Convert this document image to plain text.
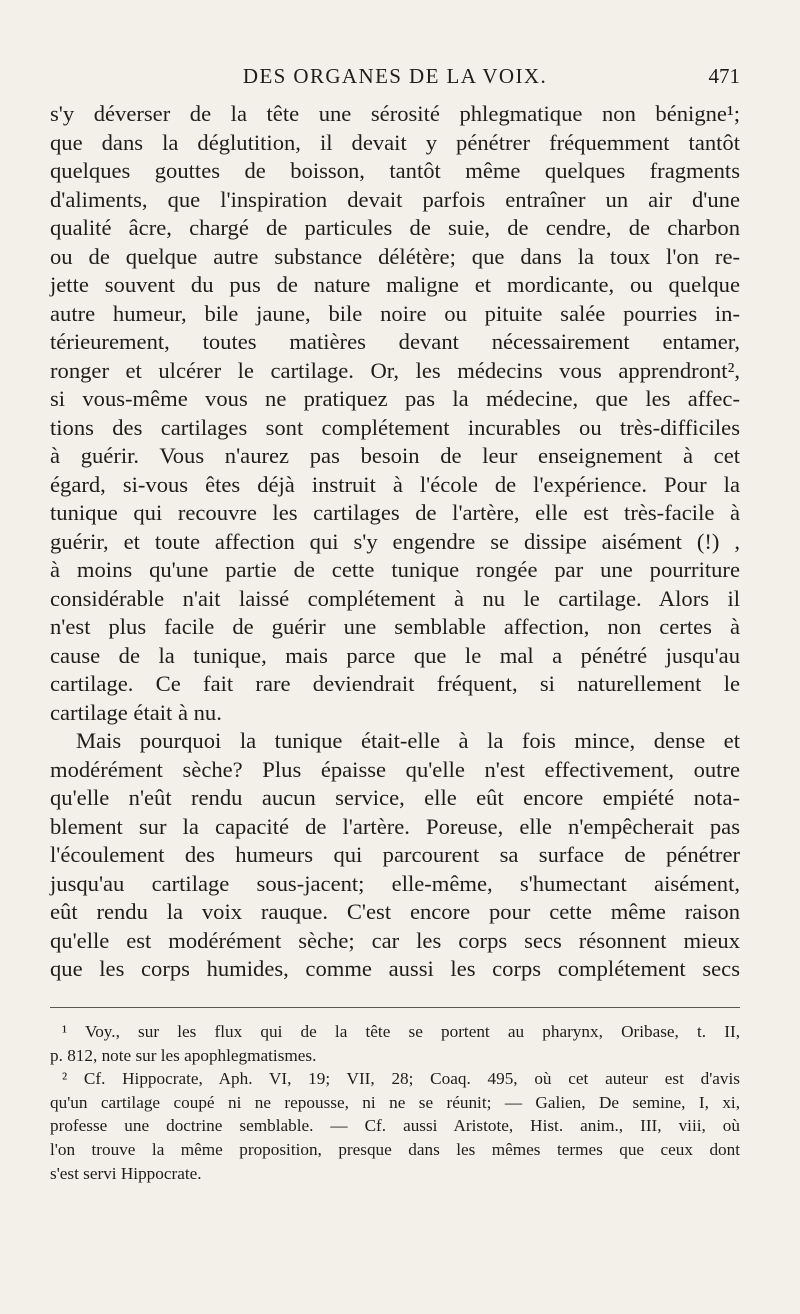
DES ORGANES DE LA VOIX.	471
s'y déverser de la tête une sérosité phlegmatique non bénigne¹;
que dans la déglutition, il devait y pénétrer fréquemment tantôt
quelques gouttes de boisson, tantôt même quelques fragments
d'aliments, que l'inspiration devait parfois entraîner un air d'une
qualité âcre, chargé de particules de suie, de cendre, de charbon
ou de quelque autre substance délétère; que dans la toux l'on re-
jette souvent du pus de nature maligne et mordicante, ou quelque
autre humeur, bile jaune, bile noire ou pituite salée pourries in-
térieurement, toutes matières devant nécessairement entamer,
ronger et ulcérer le cartilage. Or, les médecins vous apprendront²,
si vous-même vous ne pratiquez pas la médecine, que les affec-
tions des cartilages sont complétement incurables ou très-difficiles
à guérir. Vous n'aurez pas besoin de leur enseignement à cet
égard, si-vous êtes déjà instruit à l'école de l'expérience. Pour la
tunique qui recouvre les cartilages de l'artère, elle est très-facile à
guérir, et toute affection qui s'y engendre se dissipe aisément (!) ,
à moins qu'une partie de cette tunique rongée par une pourriture
considérable n'ait laissé complétement à nu le cartilage. Alors il
n'est plus facile de guérir une semblable affection, non certes à
cause de la tunique, mais parce que le mal a pénétré jusqu'au
cartilage. Ce fait rare deviendrait fréquent, si naturellement le
cartilage était à nu.
Mais pourquoi la tunique était-elle à la fois mince, dense et
modérément sèche? Plus épaisse qu'elle n'est effectivement, outre
qu'elle n'eût rendu aucun service, elle eût encore empiété nota-
blement sur la capacité de l'artère. Poreuse, elle n'empêcherait pas
l'écoulement des humeurs qui parcourent sa surface de pénétrer
jusqu'au cartilage sous-jacent; elle-même, s'humectant aisément,
eût rendu la voix rauque. C'est encore pour cette même raison
qu'elle est modérément sèche; car les corps secs résonnent mieux
que les corps humides, comme aussi les corps complétement secs
¹ Voy., sur les flux qui de la tête se portent au pharynx, Oribase, t. II,
p. 812, note sur les apophlegmatismes.
² Cf. Hippocrate, Aph. VI, 19; VII, 28; Coaq. 495, où cet auteur est d'avis
qu'un cartilage coupé ni ne repousse, ni ne se réunit; — Galien, De semine, I, xi,
professe une doctrine semblable. — Cf. aussi Aristote, Hist. anim., III, viii, où
l'on trouve la même proposition, presque dans les mêmes termes que ceux dont
s'est servi Hippocrate.
